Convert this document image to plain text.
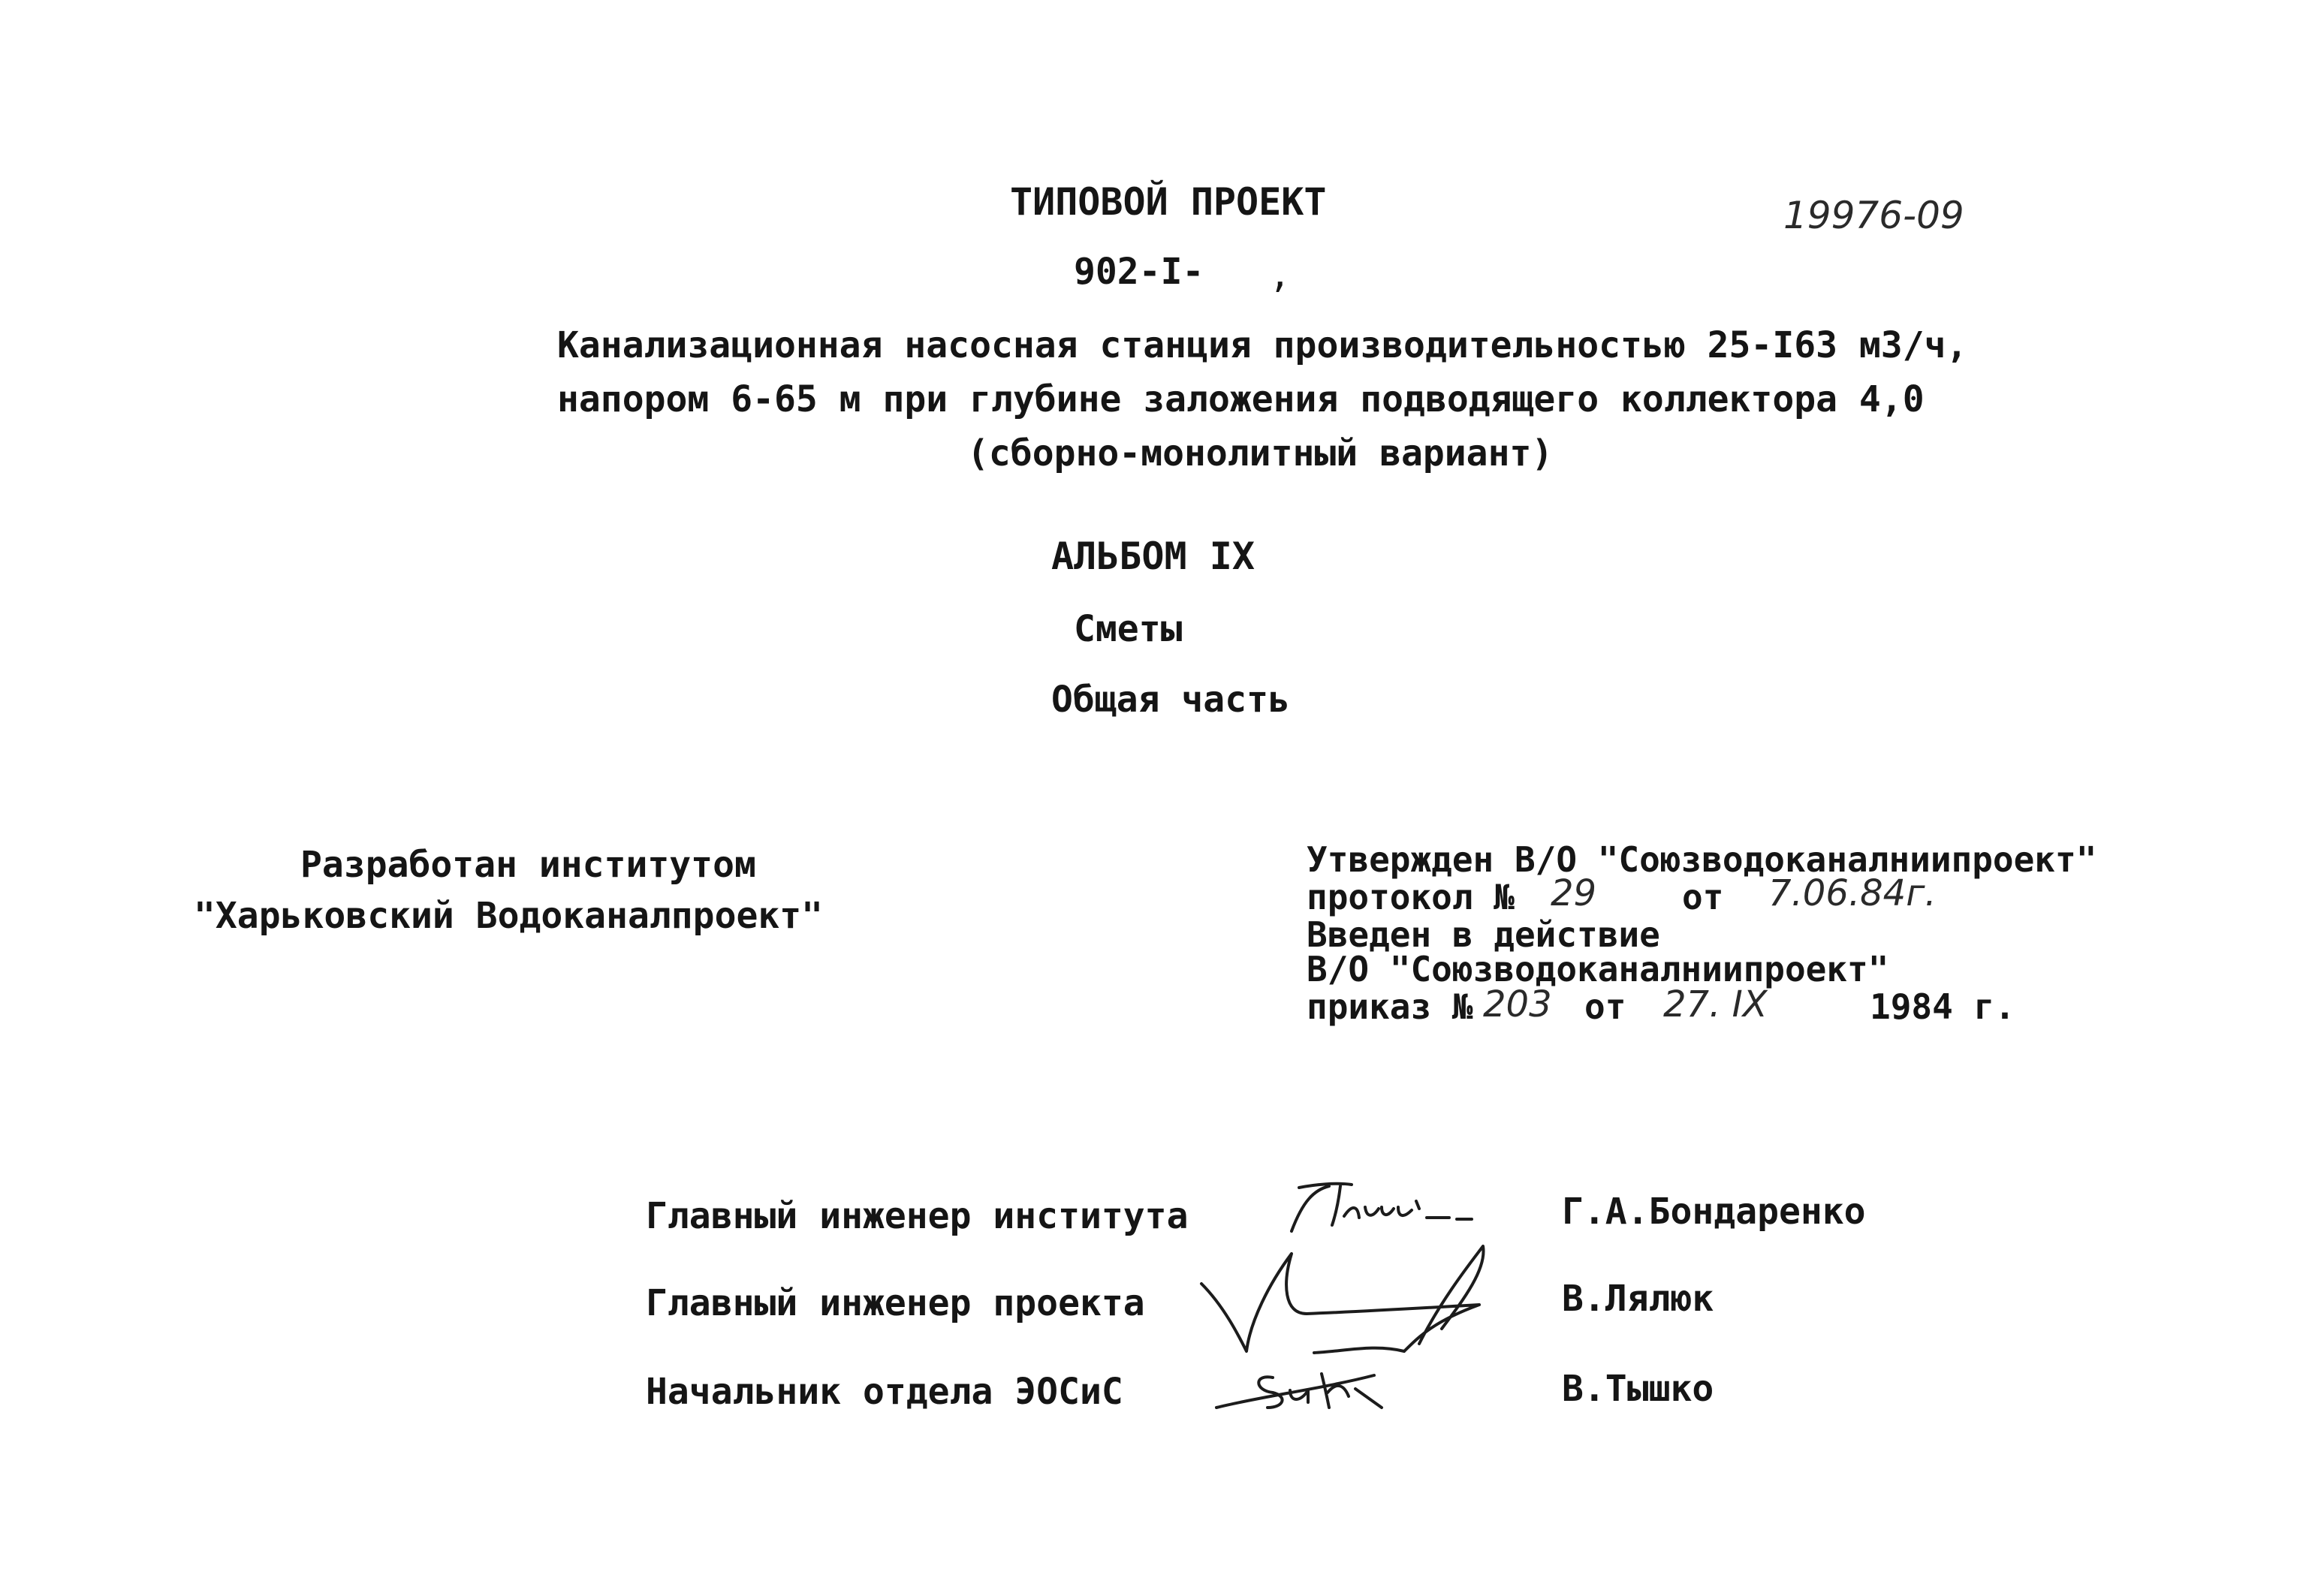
ТИПОВОЙ ПРОЕКТ	19976-09
902-I- ,
Канализационная насосная станция производительностью 25-I63 м3/ч,
напором 6-65 м при глубине заложения подводящего коллектора 4,0
(сборно-монолитный вариант)
АЛЬБОМ IX
Сметы
Общая часть
Разработан институтом
"Харьковский Водоканалпроект"
Утвержден В/О "Союзводоканалниипроект"
протокол № 29 от 7.06.84г.
Введен в действие
В/О "Союзводоканалниипроект"
приказ № 203 от 27. IX	1984 г.
Главный инженер института	Г.А.Бондаренко
Главный инженер проекта	В.Лялюк
Начальник отдела ЭОСиС	В.Тышко
